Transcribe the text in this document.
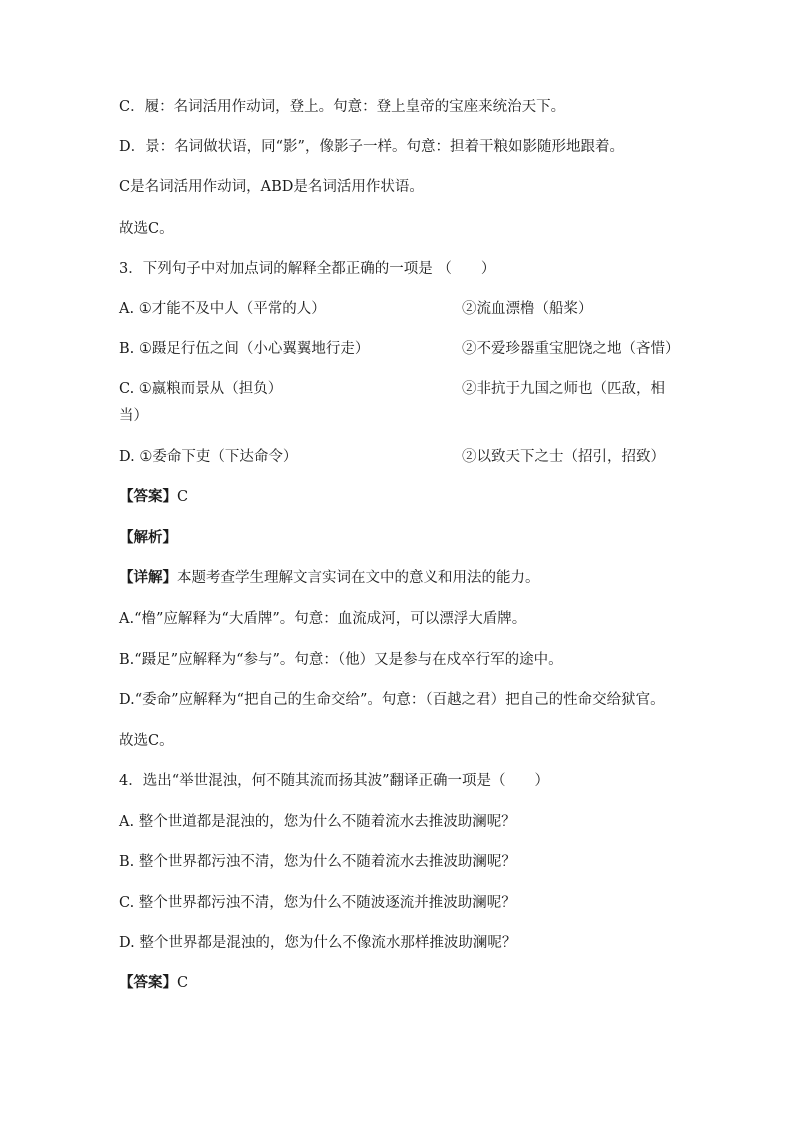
C．履：名词活用作动词，登上。句意：登上皇帝的宝座来统治天下。
D．景：名词做状语，同“影”，像影子一样。句意：担着干粮如影随形地跟着。
C是名词活用作动词，ABD是名词活用作状语。
故选C。
3．下列句子中对加点词的解释全都正确的一项是 （　　）
A. ①才能不及中人（平常的人）	②流血漂橹（船桨）
B. ①蹑足行伍之间（小心翼翼地行走）	②不爱珍器重宝肥饶之地（吝惜）
C. ①嬴粮而景从（担负）	②非抗于九国之师也（匹敌，相
当）
D. ①委命下吏（下达命令）	②以致天下之士（招引，招致）
【答案】C
【解析】
【详解】本题考查学生理解文言实词在文中的意义和用法的能力。
A.“橹”应解释为“大盾牌”。句意：血流成河，可以漂浮大盾牌。
B.“蹑足”应解释为“参与”。句意：（他）又是参与在戍卒行军的途中。
D.“委命”应解释为“把自己的生命交给”。句意：（百越之君）把自己的性命交给狱官。
故选C。
4．选出“举世混浊，何不随其流而扬其波”翻译正确一项是（　　）
A. 整个世道都是混浊的，您为什么不随着流水去推波助澜呢？
B. 整个世界都污浊不清，您为什么不随着流水去推波助澜呢？
C. 整个世界都污浊不清，您为什么不随波逐流并推波助澜呢？
D. 整个世界都是混浊的，您为什么不像流水那样推波助澜呢？
【答案】C
